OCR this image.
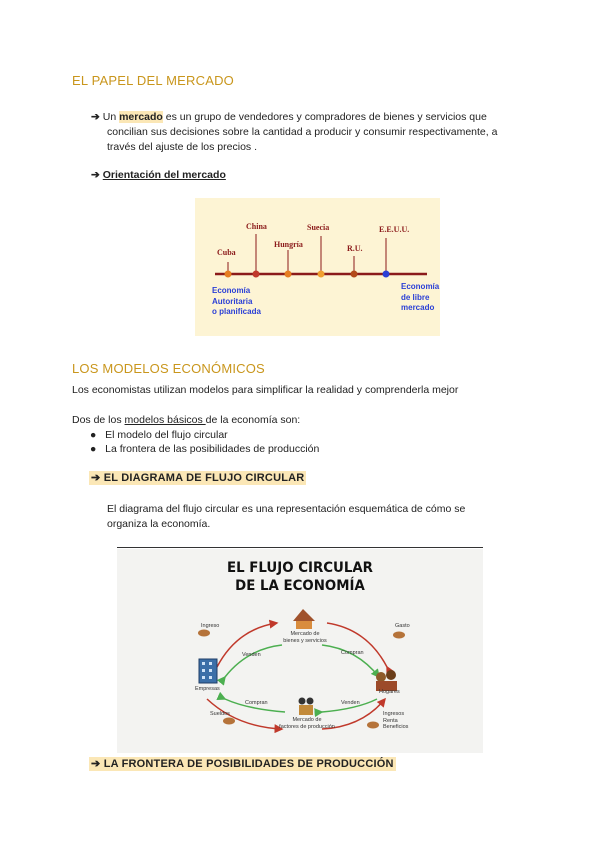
EL PAPEL DEL MERCADO
➔ Un mercado es un grupo de vendedores y compradores de bienes y servicios que
concilian sus decisiones sobre la cantidad a producir y consumir respectivamente, a
través del ajuste de los precios .
➔ Orientación del mercado
Cuba
China
Hungría
Suecia
R.U.
E.E.U.U.
Economía
Autoritaria
o planificada
Economía
de libre
mercado
LOS MODELOS ECONÓMICOS
Los economistas utilizan modelos para simplificar la realidad y comprenderla mejor
Dos de los modelos básicos de la economía son:
● El modelo del flujo circular
● La frontera de las posibilidades de producción
➔ EL DIAGRAMA DE FLUJO CIRCULAR
El diagrama del flujo circular es una representación esquemática de cómo se
organiza la economía.
EL FLUJO CIRCULAR
DE LA ECONOMÍA
Ingreso	Gasto
Empresas	Hogares
Mercado de
bienes y servicios
Mercado de
factores de producción
Venden	Compran
Compran	Venden
Sueldos	Ingresos
Renta
Beneficios
➔ LA FRONTERA DE POSIBILIDADES DE PRODUCCIÓN
